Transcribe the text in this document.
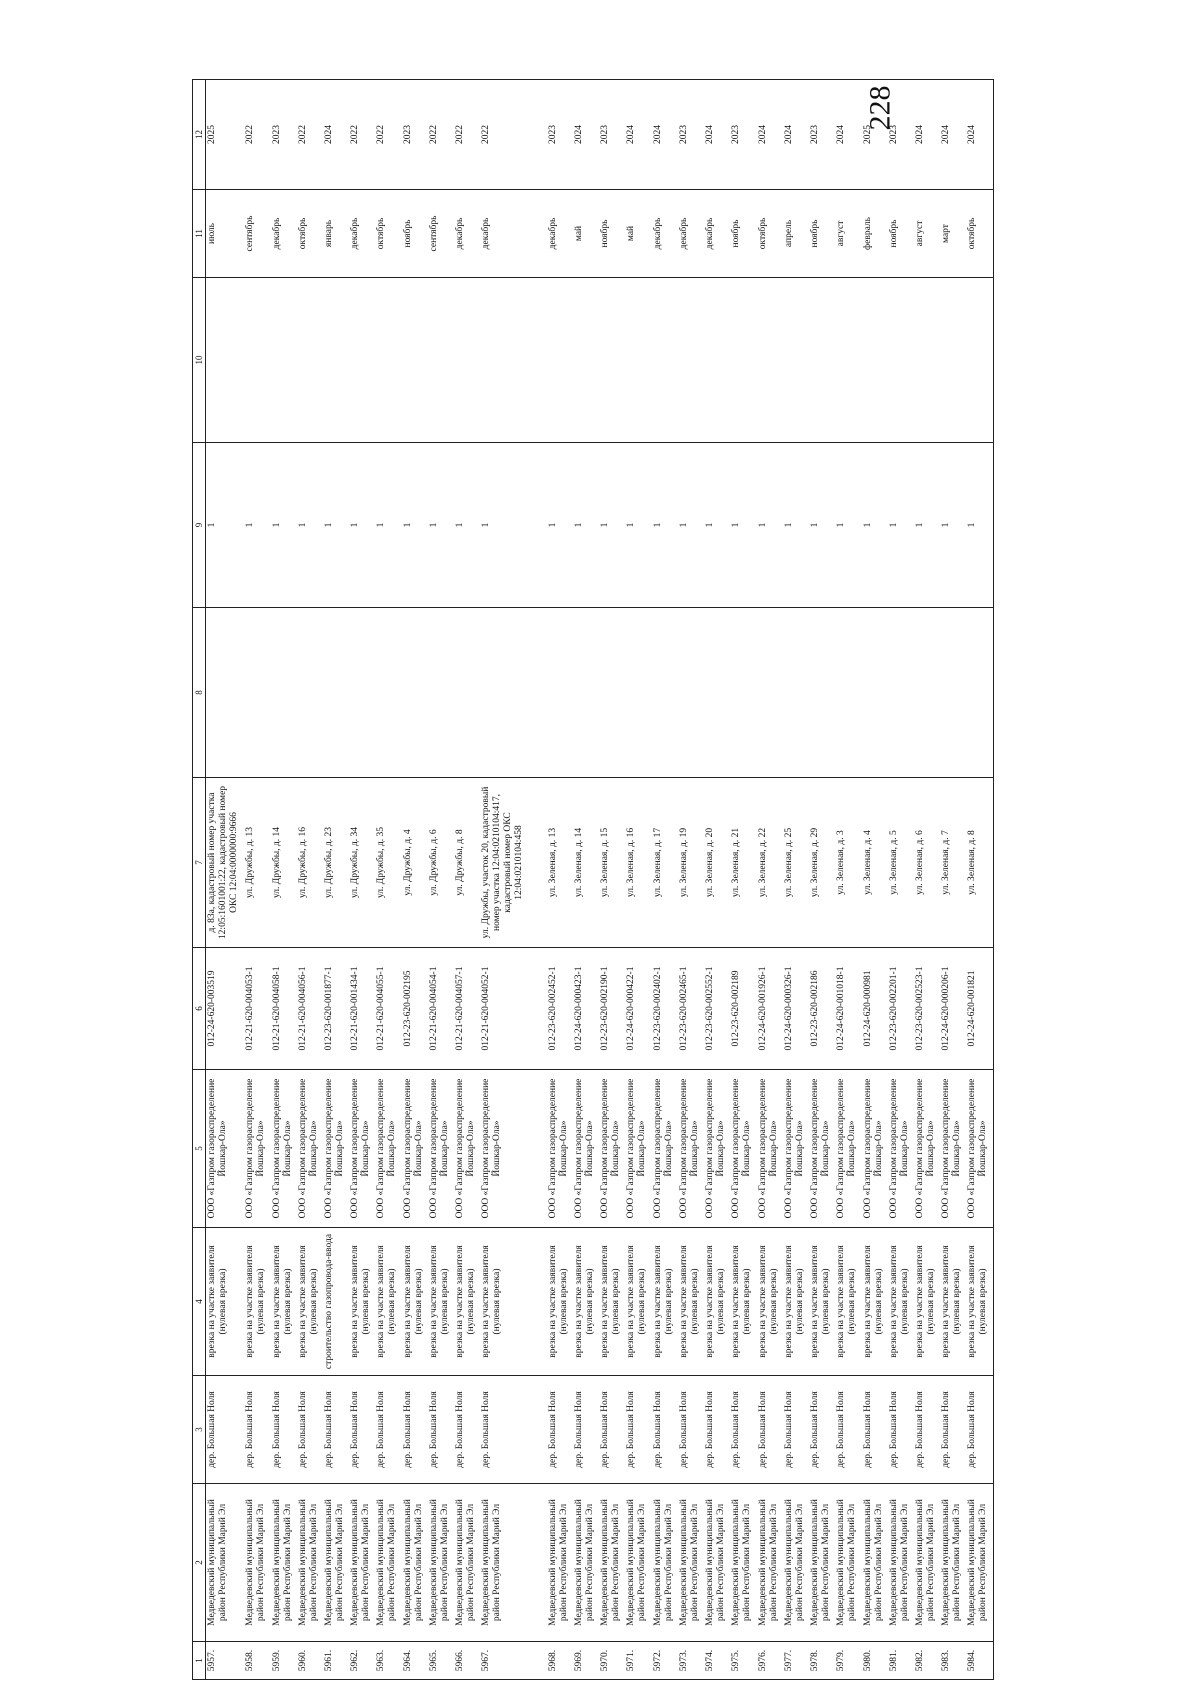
228
1	2	3	4	5	6	7	8	9	10	11	12
5957.	Медведевский муниципальный район Республики Марий Эл	дер. Большая Ноля	врезка на участке заявителя (нулевая врезка)	ООО «Газпром газораспределение Йошкар-Ола»	012-24-620-003519	д. 83а, кадастровый номер участка 12:05:1601001:22, кадастровый номер ОКС 12:04:0000000:9666		1		июль	2025
5958.	Медведевский муниципальный район Республики Марий Эл	дер. Большая Ноля	врезка на участке заявителя (нулевая врезка)	ООО «Газпром газораспределение Йошкар-Ола»	012-21-620-004053-1	ул. Дружбы, д. 13		1		сентябрь	2022
5959.	Медведевский муниципальный район Республики Марий Эл	дер. Большая Ноля	врезка на участке заявителя (нулевая врезка)	ООО «Газпром газораспределение Йошкар-Ола»	012-21-620-004058-1	ул. Дружбы, д. 14		1		декабрь	2023
5960.	Медведевский муниципальный район Республики Марий Эл	дер. Большая Ноля	врезка на участке заявителя (нулевая врезка)	ООО «Газпром газораспределение Йошкар-Ола»	012-21-620-004056-1	ул. Дружбы, д. 16		1		октябрь	2022
5961.	Медведевский муниципальный район Республики Марий Эл	дер. Большая Ноля	строительство газопровода-ввода	ООО «Газпром газораспределение Йошкар-Ола»	012-23-620-001877-1	ул. Дружбы, д. 23		1		январь	2024
5962.	Медведевский муниципальный район Республики Марий Эл	дер. Большая Ноля	врезка на участке заявителя (нулевая врезка)	ООО «Газпром газораспределение Йошкар-Ола»	012-21-620-001434-1	ул. Дружбы, д. 34		1		декабрь	2022
5963.	Медведевский муниципальный район Республики Марий Эл	дер. Большая Ноля	врезка на участке заявителя (нулевая врезка)	ООО «Газпром газораспределение Йошкар-Ола»	012-21-620-004055-1	ул. Дружбы, д. 35		1		октябрь	2022
5964.	Медведевский муниципальный район Республики Марий Эл	дер. Большая Ноля	врезка на участке заявителя (нулевая врезка)	ООО «Газпром газораспределение Йошкар-Ола»	012-23-620-002195	ул. Дружбы, д. 4		1		ноябрь	2023
5965.	Медведевский муниципальный район Республики Марий Эл	дер. Большая Ноля	врезка на участке заявителя (нулевая врезка)	ООО «Газпром газораспределение Йошкар-Ола»	012-21-620-004054-1	ул. Дружбы, д. 6		1		сентябрь	2022
5966.	Медведевский муниципальный район Республики Марий Эл	дер. Большая Ноля	врезка на участке заявителя (нулевая врезка)	ООО «Газпром газораспределение Йошкар-Ола»	012-21-620-004057-1	ул. Дружбы, д. 8		1		декабрь	2022
5967.	Медведевский муниципальный район Республики Марий Эл	дер. Большая Ноля	врезка на участке заявителя (нулевая врезка)	ООО «Газпром газораспределение Йошкар-Ола»	012-21-620-004052-1	ул. Дружбы, участок 20, кадастровый номер участка 12:04:0210104:417, кадастровый номер ОКС 12:04:0210104:458		1		декабрь	2022

5968.	Медведевский муниципальный район Республики Марий Эл	дер. Большая Ноля	врезка на участке заявителя (нулевая врезка)	ООО «Газпром газораспределение Йошкар-Ола»	012-23-620-002452-1	ул. Зеленая, д. 13		1		декабрь	2023
5969.	Медведевский муниципальный район Республики Марий Эл	дер. Большая Ноля	врезка на участке заявителя (нулевая врезка)	ООО «Газпром газораспределение Йошкар-Ола»	012-24-620-000423-1	ул. Зеленая, д. 14		1		май	2024
5970.	Медведевский муниципальный район Республики Марий Эл	дер. Большая Ноля	врезка на участке заявителя (нулевая врезка)	ООО «Газпром газораспределение Йошкар-Ола»	012-23-620-002190-1	ул. Зеленая, д. 15		1		ноябрь	2023
5971.	Медведевский муниципальный район Республики Марий Эл	дер. Большая Ноля	врезка на участке заявителя (нулевая врезка)	ООО «Газпром газораспределение Йошкар-Ола»	012-24-620-000422-1	ул. Зеленая, д. 16		1		май	2024
5972.	Медведевский муниципальный район Республики Марий Эл	дер. Большая Ноля	врезка на участке заявителя (нулевая врезка)	ООО «Газпром газораспределение Йошкар-Ола»	012-23-620-002402-1	ул. Зеленая, д. 17		1		декабрь	2024
5973.	Медведевский муниципальный район Республики Марий Эл	дер. Большая Ноля	врезка на участке заявителя (нулевая врезка)	ООО «Газпром газораспределение Йошкар-Ола»	012-23-620-002465-1	ул. Зеленая, д. 19		1		декабрь	2023
5974.	Медведевский муниципальный район Республики Марий Эл	дер. Большая Ноля	врезка на участке заявителя (нулевая врезка)	ООО «Газпром газораспределение Йошкар-Ола»	012-23-620-002552-1	ул. Зеленая, д. 20		1		декабрь	2024
5975.	Медведевский муниципальный район Республики Марий Эл	дер. Большая Ноля	врезка на участке заявителя (нулевая врезка)	ООО «Газпром газораспределение Йошкар-Ола»	012-23-620-002189	ул. Зеленая, д. 21		1		ноябрь	2023
5976.	Медведевский муниципальный район Республики Марий Эл	дер. Большая Ноля	врезка на участке заявителя (нулевая врезка)	ООО «Газпром газораспределение Йошкар-Ола»	012-24-620-001926-1	ул. Зеленая, д. 22		1		октябрь	2024
5977.	Медведевский муниципальный район Республики Марий Эл	дер. Большая Ноля	врезка на участке заявителя (нулевая врезка)	ООО «Газпром газораспределение Йошкар-Ола»	012-24-620-000326-1	ул. Зеленая, д. 25		1		апрель	2024
5978.	Медведевский муниципальный район Республики Марий Эл	дер. Большая Ноля	врезка на участке заявителя (нулевая врезка)	ООО «Газпром газораспределение Йошкар-Ола»	012-23-620-002186	ул. Зеленая, д. 29		1		ноябрь	2023
5979.	Медведевский муниципальный район Республики Марий Эл	дер. Большая Ноля	врезка на участке заявителя (нулевая врезка)	ООО «Газпром газораспределение Йошкар-Ола»	012-24-620-001018-1	ул. Зеленая, д. 3		1		август	2024
5980.	Медведевский муниципальный район Республики Марий Эл	дер. Большая Ноля	врезка на участке заявителя (нулевая врезка)	ООО «Газпром газораспределение Йошкар-Ола»	012-24-620-000981	ул. Зеленая, д. 4		1		февраль	2025
5981.	Медведевский муниципальный район Республики Марий Эл	дер. Большая Ноля	врезка на участке заявителя (нулевая врезка)	ООО «Газпром газораспределение Йошкар-Ола»	012-23-620-002201-1	ул. Зеленая, д. 5		1		ноябрь	2023
5982.	Медведевский муниципальный район Республики Марий Эл	дер. Большая Ноля	врезка на участке заявителя (нулевая врезка)	ООО «Газпром газораспределение Йошкар-Ола»	012-23-620-002523-1	ул. Зеленая, д. 6		1		август	2024
5983.	Медведевский муниципальный район Республики Марий Эл	дер. Большая Ноля	врезка на участке заявителя (нулевая врезка)	ООО «Газпром газораспределение Йошкар-Ола»	012-24-620-000206-1	ул. Зеленая, д. 7		1		март	2024
5984.	Медведевский муниципальный район Республики Марий Эл	дер. Большая Ноля	врезка на участке заявителя (нулевая врезка)	ООО «Газпром газораспределение Йошкар-Ола»	012-24-620-001821	ул. Зеленая, д. 8		1		октябрь	2024
